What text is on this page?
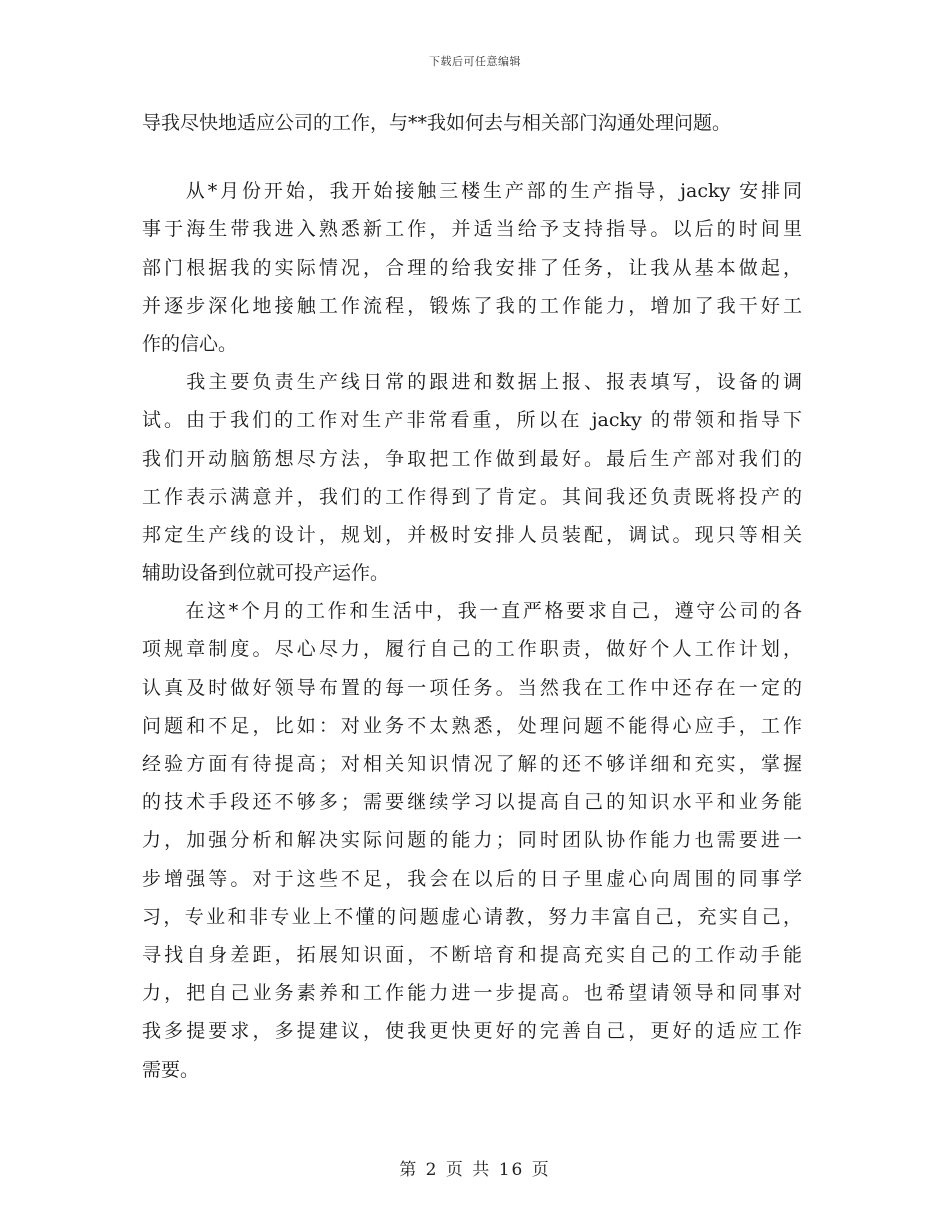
下载后可任意编辑
导我尽快地适应公司的工作，与**我如何去与相关部门沟通处理问题。
　　从*月份开始，我开始接触三楼生产部的生产指导，jacky 安排同
事于海生带我进入熟悉新工作，并适当给予支持指导。以后的时间里
部门根据我的实际情况，合理的给我安排了任务，让我从基本做起，
并逐步深化地接触工作流程，锻炼了我的工作能力，增加了我干好工
作的信心。
　　我主要负责生产线日常的跟进和数据上报、报表填写，设备的调
试。由于我们的工作对生产非常看重，所以在 jacky 的带领和指导下
我们开动脑筋想尽方法，争取把工作做到最好。最后生产部对我们的
工作表示满意并，我们的工作得到了肯定。其间我还负责既将投产的
邦定生产线的设计，规划，并极时安排人员装配，调试。现只等相关
辅助设备到位就可投产运作。
　　在这*个月的工作和生活中，我一直严格要求自己，遵守公司的各
项规章制度。尽心尽力，履行自己的工作职责，做好个人工作计划，
认真及时做好领导布置的每一项任务。当然我在工作中还存在一定的
问题和不足，比如：对业务不太熟悉，处理问题不能得心应手，工作
经验方面有待提高；对相关知识情况了解的还不够详细和充实，掌握
的技术手段还不够多；需要继续学习以提高自己的知识水平和业务能
力，加强分析和解决实际问题的能力；同时团队协作能力也需要进一
步增强等。对于这些不足，我会在以后的日子里虚心向周围的同事学
习，专业和非专业上不懂的问题虚心请教，努力丰富自己，充实自己，
寻找自身差距，拓展知识面，不断培育和提高充实自己的工作动手能
力，把自己业务素养和工作能力进一步提高。也希望请领导和同事对
我多提要求，多提建议，使我更快更好的完善自己，更好的适应工作
需要。
第 2 页 共 16 页
